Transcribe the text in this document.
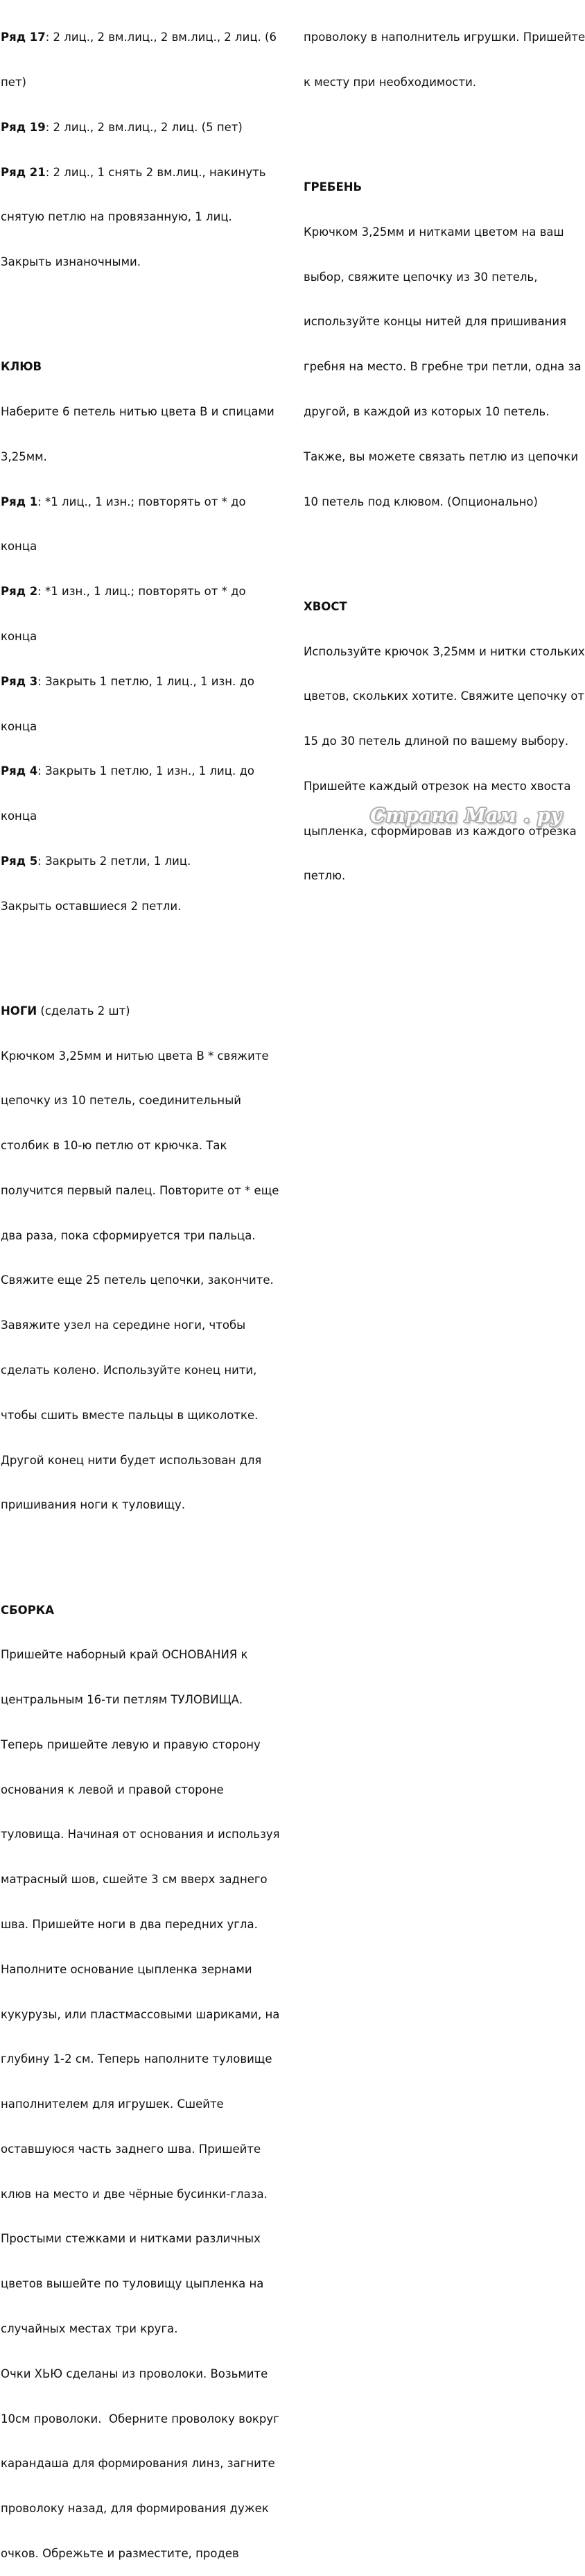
Ряд 17: 2 лиц., 2 вм.лиц., 2 вм.лиц., 2 лиц. (6

пет)

Ряд 19: 2 лиц., 2 вм.лиц., 2 лиц. (5 пет)

Ряд 21: 2 лиц., 1 снять 2 вм.лиц., накинуть

снятую петлю на провязанную, 1 лиц.

Закрыть изнаночными.

КЛЮВ

Наберите 6 петель нитью цвета В и спицами

3,25мм.

Ряд 1: *1 лиц., 1 изн.; повторять от * до

конца

Ряд 2: *1 изн., 1 лиц.; повторять от * до

конца

Ряд 3: Закрыть 1 петлю, 1 лиц., 1 изн. до

конца

Ряд 4: Закрыть 1 петлю, 1 изн., 1 лиц. до

конца

Ряд 5: Закрыть 2 петли, 1 лиц.

Закрыть оставшиеся 2 петли.

НОГИ (сделать 2 шт)

Крючком 3,25мм и нитью цвета В * свяжите

цепочку из 10 петель, соединительный

столбик в 10-ю петлю от крючка. Так

получится первый палец. Повторите от * еще

два раза, пока сформируется три пальца.

Свяжите еще 25 петель цепочки, закончите.

Завяжите узел на середине ноги, чтобы

сделать колено. Используйте конец нити,

чтобы сшить вместе пальцы в щиколотке.

Другой конец нити будет использован для

пришивания ноги к туловищу.

СБОРКА

Пришейте наборный край ОСНОВАНИЯ к

центральным 16-ти петлям ТУЛОВИЩА.

Теперь пришейте левую и правую сторону

основания к левой и правой стороне

туловища. Начиная от основания и используя

матрасный шов, сшейте 3 см вверх заднего

шва. Пришейте ноги в два передних угла.

Наполните основание цыпленка зернами

кукурузы, или пластмассовыми шариками, на

глубину 1-2 см. Теперь наполните туловище

наполнителем для игрушек. Сшейте

оставшуюся часть заднего шва. Пришейте

клюв на место и две чёрные бусинки-глаза.

Простыми стежками и нитками различных

цветов вышейте по туловищу цыпленка на

случайных местах три круга.

Очки ХЬЮ сделаны из проволоки. Возьмите

10см проволоки.  Оберните проволоку вокруг

карандаша для формирования линз, загните

проволоку назад, для формирования дужек

очков. Обрежьте и разместите, продев

проволоку в наполнитель игрушки. Пришейте

к месту при необходимости.

ГРЕБЕНЬ

Крючком 3,25мм и нитками цветом на ваш

выбор, свяжите цепочку из 30 петель,

используйте концы нитей для пришивания

гребня на место. В гребне три петли, одна за

другой, в каждой из которых 10 петель.

Также, вы можете связать петлю из цепочки

10 петель под клювом. (Опционально)

ХВОСТ

Используйте крючок 3,25мм и нитки стольких

цветов, скольких хотите. Свяжите цепочку от

15 до 30 петель длиной по вашему выбору.

Пришейте каждый отрезок на место хвоста

цыпленка, сформировав из каждого отрезка

петлю.

Страна Мам . ру
